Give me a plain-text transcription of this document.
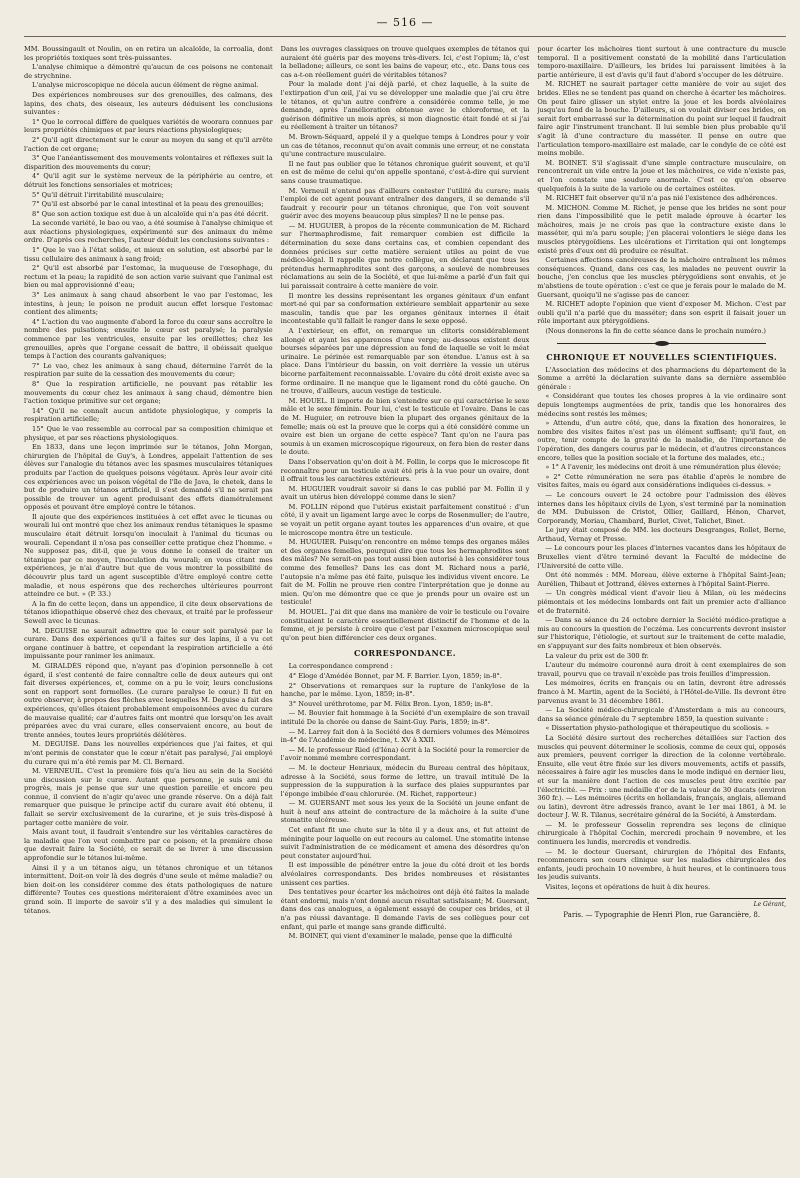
— 516 —

MM. Boussingault et Noulin, on en retira un alcaloïde, la corroalia, dont les propriétés toxiques sont très-puissantes.

L'analyse chimique a démontré qu'aucun de ces poisons ne contenait de strychnine.

L'analyse microscopique ne décela aucun élément de règne animal.

Des expériences nombreuses sur des grenouilles, des caïmans, des lapins, des chats, des oiseaux, les auteurs déduisent les conclusions suivantes :

1° Que le corrocal diffère de quelques variétés de woorara connues par leurs propriétés chimiques et par leurs réactions physiologiques;

2° Qu'il agit directement sur le cœur au moyen du sang et qu'il arrête l'action de cet organe;

3° Que l'anéantissement des mouvements volontaires et réflexes suit la disparition des mouvements du cœur;

4° Qu'il agit sur le système nerveux de la périphérie au centre, et détruit les fonctions sensoriales et motrices;

5° Qu'il détruit l'irritabilité musculaire;

7° Qu'il est absorbé par le canal intestinal et la peau des grenouilles;

8° Que son action toxique est due à un alcaloïde qui n'a pas été décrit.

La seconde variété, le bao ou vao, a été soumise à l'analyse chimique et aux réactions physiologiques, expérimenté sur des animaux du même ordre. D'après ces recherches, l'auteur déduit les conclusions suivantes :

1° Que le vao à l'état solide, et mieux en solution, est absorbé par le tissu cellulaire des animaux à sang froid;

2° Qu'il est absorbé par l'estomac, la muqueuse de l'œsophage, du rectum et la peau; la rapidité de son action varie suivant que l'animal est bien ou mal approvisionné d'eau;

3° Les animaux à sang chaud absorbent le vao par l'estomac, les intestins, à jeun; le poison ne produit aucun effet lorsque l'estomac contient des aliments;

4° L'action du vao augmente d'abord la force du cœur sans accroître le nombre des pulsations; ensuite le cœur est paralysé; la paralysie commence par les ventricules, ensuite par les oreillettes; chez les grenouilles, après que l'organe cessait de battre, il obéissait quelque temps à l'action des courants galvaniques;

7° Le vao, chez les animaux à sang chaud, détermine l'arrêt de la respiration par suite de la cessation des mouvements du cœur;

8° Que la respiration artificielle, ne pouvant pas rétablir les mouvements du cœur chez les animaux à sang chaud, démontre bien l'action toxique primitive sur cet organe;

14° Qu'il ne connaît aucun antidote physiologique, y compris la respiration artificielle;

15° Que le vao ressemble au corrocal par sa composition chimique et physique, et par ses réactions physiologiques.

En 1833, dans une leçon imprimée sur le tétanos, John Morgan, chirurgien de l'hôpital de Guy's, à Londres, appelait l'attention de ses élèves sur l'analogie du tétanos avec les spasmes musculaires tétaniques produits par l'action de quelques poisons végétaux. Après leur avoir cité ces expériences avec un poison végétal de l'île de Java, le chetek, dans le but de produire un tétanos artificiel, il s'est demandé s'il ne serait pas possible de trouver un agent produisant des effets diamétralement opposés et pouvant être employé contre le tétanos.

Il ajoute que des expériences instituées à cet effet avec le ticunas ou wourali lui ont montré que chez les animaux rendus tétaniques le spasme musculaire était détruit lorsqu'on inoculait à l'animal du ticunas ou wourali. Cependant il n'osa pas conseiller cette pratique chez l'homme. « Ne supposez pas, dit-il, que je vous donne le conseil de traiter un tétanique par ce moyen, l'inoculation du wourali; en vous citant mes expériences, je n'ai d'autre but que de vous montrer la possibilité de découvrir plus tard un agent susceptible d'être employé contre cette maladie, et nous espérons que des recherches ultérieures pourront atteindre ce but. » (P. 33.)

A la fin de cette leçon, dans un appendice, il cite deux observations de tétanos idiopathique observé chez des chevaux, et traité par le professeur Sewell avec le ticunas.

M. DEGUISE ne saurait admettre que le cœur soit paralysé par le curare. Dans des expériences qu'il a faites sur des lapins, il a vu cet organe continuer à battre, et cependant la respiration artificielle a été impuissante pour ranimer les animaux.

M. GIRALDÈS répond que, n'ayant pas d'opinion personnelle à cet égard, il s'est contenté de faire connaître celle de deux auteurs qui ont fait diverses expériences, et, comme on a pu le voir, leurs conclusions sont en rapport sont formelles. (Le curare paralyse le cœur.) Il fut en outre observer, à propos des flèches avec lesquelles M. Deguise a fait des expériences, qu'elles étaient probablement empoisonnées avec du curare de mauvaise qualité; car d'autres faits ont montré que lorsqu'on les avait préparées avec du vrai curare, elles conservaient encore, au bout de trente années, toutes leurs propriétés délétères.

M. DEGUISE. Dans les nouvelles expériences que j'ai faites, et qui m'ont permis de constater que le cœur n'était pas paralysé, j'ai employé du curare qui m'a été remis par M. Cl. Bernard.

M. VERNEUIL. C'est la première fois qu'a lieu au sein de la Société une discussion sur le curare. Autant que personne, je suis ami du progrès, mais je pense que sur une question pareille et encore peu connue, il convient de n'agir qu'avec une grande réserve. On a déjà fait remarquer que puisque le principe actif du curare avait été obtenu, il fallait se servir exclusivement de la curarine, et je suis très-disposé à partager cette manière de voir.

Mais avant tout, il faudrait s'entendre sur les véritables caractères de la maladie que l'on veut combattre par ce poison; et la première chose que devrait faire la Société, ce serait de se livrer à une discussion approfondie sur le tétanos lui-même.

Ainsi il y a un tétanos aigu, un tétanos chronique et un tétanos intermittent. Doit-on voir là des degrés d'une seule et même maladie? ou bien doit-on les considérer comme des états pathologiques de nature différente? Toutes ces questions mériteraient d'être examinées avec un grand soin. Il importe de savoir s'il y a des maladies qui simulent le tétanos.

Dans les ouvrages classiques on trouve quelques exemples de tétanos qui auraient été guéris par des moyens très-divers. Ici, c'est l'opium; là, c'est la belladone; ailleurs, ce sont les bains de vapeur, etc., etc. Dans tous ces cas a-t-on réellement guéri de véritables tétanos?

Pour la malade dont j'ai déjà parlé, et chez laquelle, à la suite de l'extirpation d'un œil, j'ai vu se développer une maladie que j'ai cru être le tétanos, et qu'un autre confrère a considérée comme telle, je me demande, après l'amélioration obtenue avec le chloroforme, et la guérison définitive un mois après, si mon diagnostic était fondé et si j'ai eu réellement à traiter un tétanos?

M. Brown-Séquard, appelé il y a quelque temps à Londres pour y voir un cas de tétanos, reconnut qu'on avait commis une erreur, et ne constata qu'une contracture musculaire.

Il ne faut pas oublier que le tétanos chronique guérit souvent, et qu'il en est de même de celui qu'on appelle spontané, c'est-à-dire qui survient sans cause traumatique.

M. Verneuil n'entend pas d'ailleurs contester l'utilité du curare; mais l'emploi de cet agent pouvant entraîner des dangers, il se demande s'il faudrait y recourir pour un tétanos chronique, que l'on voit souvent guérir avec des moyens beaucoup plus simples? Il ne le pense pas.

— M. HUGUIER, à propos de la récente communication de M. Richard sur l'hermaphrodisme, fait remarquer combien est difficile la détermination du sexe dans certains cas, et combien cependant des données précises sur cette matière seraient utiles au point de vue médico-légal. Il rappelle que notre collègue, en déclarant que tous les prétendus hermaphrodites sont des garçons, a soulevé de nombreuses réclamations au sein de la Société, et que lui-même a parlé d'un fait qui lui paraissait contraire à cette manière de voir.

Il montre les dessins représentant les organes génitaux d'un enfant mort-né qui par sa conformation extérieure semblait appartenir au sexe masculin, tandis que par les organes génitaux internes il était incontestable qu'il fallait le ranger dans le sexe opposé.

A l'extérieur, en effet, on remarque un clitoris considérablement allongé et ayant les apparences d'une verge; au-dessous existent deux bourses séparées par une dépression au fond de laquelle se voit le méat urinaire. Le périnée est remarquable par son étendue. L'anus est à sa place. Dans l'intérieur du bassin, on voit derrière la vessie un utérus bicorne parfaitement reconnaissable. L'ovaire du côté droit existe avec sa forme ordinaire. Il ne manque que le ligament rond du côté gauche. On ne trouve, d'ailleurs, aucun vestige de testicule.

M. HOUEL. Il importe de bien s'entendre sur ce qui caractérise le sexe mâle et le sexe féminin. Pour lui, c'est le testicule et l'ovaire. Dans le cas de M. Huguier, on retrouve bien la plupart des organes génitaux de la femelle; mais où est la preuve que le corps qui a été considéré comme un ovaire est bien un organe de cette espèce? Tant qu'on ne l'aura pas soumis à un examen microscopique rigoureux, on fera bien de rester dans le doute.

Dans l'observation qu'on doit à M. Follin, le corps que le microscope fit reconnaître pour un testicule avait été pris à la vue pour un ovaire, dont il offrait tous les caractères extérieurs.

M. HUGUIER voudrait savoir si dans le cas publié par M. Follin il y avait un utérus bien développé comme dans le sien?

M. FOLLIN répond que l'utérus existait parfaitement constitué : d'un côté, il y avait un ligament large avec le corps de Rosenmuller; de l'autre, se voyait un petit organe ayant toutes les apparences d'un ovaire, et que le microscope montra être un testicule.

M. HUGUIER. Puisqu'on rencontre en même temps des organes mâles et des organes femelles, pourquoi dire que tous les hermaphrodites sont des mâles? Ne serait-on pas tout aussi bien autorisé à les considérer tous comme des femelles? Dans les cas dont M. Richard nous a parlé, l'autopsie n'a même pas été faite, puisque les individus vivent encore. Le fait de M. Follin ne prouve rien contre l'interprétation que je donne au mien. Qu'on me démontre que ce que je prends pour un ovaire est un testicule!

M. HOUEL. J'ai dit que dans ma manière de voir le testicule ou l'ovaire constituaient le caractère essentiellement distinctif de l'homme et de la femme, et je persiste à croire que c'est par l'examen microscopique seul qu'on peut bien différencier ces deux organes.

CORRESPONDANCE.

La correspondance comprend :

4° Eloge d'Amédée Bonnet, par M. F. Barrier. Lyon, 1859; in-8°.

2° Observations et remarques sur la rupture de l'ankylose de la hanche, par le même. Lyon, 1859; in-8°.

3° Nouvel uréthrotome, par M. Félix Bron. Lyon, 1859; in-8°.

— M. Bouvier fait hommage à la Société d'un exemplaire de son travail intitulé De la chorée ou danse de Saint-Guy. Paris, 1859; in-8°.

— M. Larrey fait don à la Société des 8 derniers volumes des Mémoires in-4° de l'Académie de médecine, t. XV à XXII.

— M. le professeur Ried (d'Iéna) écrit à la Société pour la remercier de l'avoir nommé membre correspondant.

— M. le docteur Henriaux, médecin du Bureau central des hôpitaux, adresse à la Société, sous forme de lettre, un travail intitulé De la suppression de la suppuration à la surface des plaies suppurantes par l'éponge imbibée d'eau chlorurée. (M. Richet, rapporteur.)

— M. GUERSANT met sous les yeux de la Société un jeune enfant de huit à neuf ans atteint de contracture de la mâchoire à la suite d'une stomatite ulcéreuse.

Cet enfant fit une chute sur la tête il y a deux ans, et fut atteint de méningite pour laquelle on eut recours au calomel. Une stomatite intense suivit l'administration de ce médicament et amena des désordres qu'on peut constater aujourd'hui.

Il est impossible de pénétrer entre la joue du côté droit et les bords alvéolaires correspondants. Des brides nombreuses et résistantes unissent ces parties.

Des tentatives pour écarter les mâchoires ont déjà été faites la malade étant endormi, mais n'ont donné aucun résultat satisfaisant; M. Guersant, dans des cas analogues, a également essayé de couper ces brides, et il n'a pas réussi davantage. Il demande l'avis de ses collègues pour cet enfant, qui parle et mange sans grande difficulté.

M. BOINET, qui vient d'examiner le malade, pense que la difficulté

pour écarter les mâchoires tient surtout à une contracture du muscle temporal. Il a positivement constaté de la mobilité dans l'articulation temporo-maxillaire. D'ailleurs, les brides lui paraissent limitées à la partie antérieure, il est d'avis qu'il faut d'abord s'occuper de les détruire.

M. RICHET ne saurait partager cette manière de voir au sujet des brides. Elles ne se tendent pas quand on cherche à écarter les mâchoires. On peut faire glisser un stylet entre la joue et les bords alvéolaires jusqu'au fond de la bouche. D'ailleurs, si on voulait diviser ces brides, on serait fort embarrassé sur la détermination du point sur lequel il faudrait faire agir l'instrument tranchant. Il lui semble bien plus probable qu'il s'agit là d'une contracture du masséter. Il pense en outre que l'articulation temporo-maxillaire est malade, car le condyle de ce côté est moins mobile.

M. BOINET. S'il s'agissait d'une simple contracture musculaire, on rencontrerait un vide entre la joue et les mâchoires, ce vide n'existe pas, et l'on constate une soudure anormale. C'est ce qu'on observe quelquefois à la suite de la variole ou de certaines ostéites.

M. RICHET fait observer qu'il n'a pas nié l'existence des adhérences.

M. MICHON. Comme M. Richet, je pense que les brides ne sont pour rien dans l'impossibilité que le petit malade éprouve à écarter les mâchoires, mais je ne crois pas que la contracture existe dans le masséter, qui m'a paru souple; j'en placerai volontiers le siége dans les muscles ptérygoïdiens. Les ulcérations et l'irritation qui ont longtemps existé près d'eux ont dû produire ce résultat.

Certaines affections cancéreuses de la mâchoire entraînent les mêmes conséquences. Quand, dans ces cas, les malades ne peuvent ouvrir la bouche, j'en conclus que les muscles ptérygoïdiens sont envahis, et je m'abstiens de toute opération : c'est ce que je ferais pour le malade de M. Guersant, quoiqu'il ne s'agisse pas de cancer.

M. RICHET adopte l'opinion que vient d'exposer M. Michon. C'est par oubli qu'il n'a parlé que du masséter; dans son esprit il faisait jouer un rôle important aux ptérygoïdiens.

(Nous donnerons la fin de cette séance dans le prochain numéro.)

CHRONIQUE ET NOUVELLES SCIENTIFIQUES.

L'Association des médecins et des pharmaciens du département de la Somme a arrêté la déclaration suivante dans sa dernière assemblée générale :

« Considérant que toutes les choses propres à la vie ordinaire sont depuis longtemps augmentées de prix, tandis que les honoraires des médecins sont restés les mêmes;

» Attendu, d'un autre côté, que, dans la fixation des honoraires, le nombre des visites faites n'est pas un élément suffisant; qu'il faut, en outre, tenir compte de la gravité de la maladie, de l'importance de l'opération, des dangers courus par le médecin, et d'autres circonstances encore, telles que la position sociale et la fortune des malades, etc.;

» 1° A l'avenir, les médecins ont droit à une rémunération plus élevée;

» 2° Cette rémunération ne sera pas établie d'après le nombre de visites faites, mais eu égard aux considérations indiquées ci-dessus. »

— Le concours ouvert le 24 octobre pour l'admission des élèves internes dans les hôpitaux civils de Lyon, s'est terminé par la nomination de MM. Dubuisson de Cristot, Ollier, Gaillard, Hénon, Charvet, Corporandy, Moriau, Chambard, Burlet, Civet, Talichet, Binet.

Le jury était composé de MM. les docteurs Desgranges, Rollet, Berne, Arthaud, Vernay et Presse.

— Le concours pour les places d'internes vacantes dans les hôpitaux de Bruxelles vient d'être terminé devant la Faculté de médecine de l'Université de cette ville.

Ont été nommés : MM. Moreau, élève externe à l'hôpital Saint-Jean; Aurélien, Thibaut et Jottrand, élèves externes à l'hôpital Saint-Pierre.

— Un congrès médical vient d'avoir lieu à Milan, où les médecins piémontais et les médecins lombards ont fait un premier acte d'alliance et de fraternité.

— Dans sa séance du 24 octobre dernier la Société médico-pratique a mis au concours la question de l'eczéma. Les concurrents devront insister sur l'historique, l'étiologie, et surtout sur le traitement de cette maladie, en s'appuyant sur des faits nombreux et bien observés.

La valeur du prix est de 300 fr.

L'auteur du mémoire couronné aura droit à cent exemplaires de son travail, pourvu que ce travail n'excède pas trois feuilles d'impression.

Les mémoires, écrits en français ou en latin, devront être adressés franco à M. Martin, agent de la Société, à l'Hôtel-de-Ville. Ils devront être parvenus avant le 31 décembre 1861.

— La Société médico-chirurgicale d'Amsterdam a mis au concours, dans sa séance générale du 7 septembre 1859, la question suivante :

« Dissertation physio-pathologique et thérapeutique du scoliosis. »

La Société désire surtout des recherches détaillées sur l'action des muscles qui peuvent déterminer le scoliosis, comme de ceux qui, opposés aux premiers, peuvent corriger la direction de la colonne vertébrale. Ensuite, elle veut être fixée sur les divers mouvements, actifs et passifs, nécessaires à faire agir les muscles dans le mode indiqué en dernier lieu, et sur la manière dont l'action de ces muscles peut être excitée par l'électricité. — Prix : une médaille d'or de la valeur de 30 ducats (environ 360 fr.). — Les mémoires (écrits en hollandais, français, anglais, allemand ou latin), devront être adressés franco, avant le 1er mai 1861, à M. le docteur J. W. R. Tilanus, secrétaire général de la Société, à Amsterdam.

— M. le professeur Gosselin reprendra ses leçons de clinique chirurgicale à l'hôpital Cochin, mercredi prochain 9 novembre, et les continuera les lundis, mercredis et vendredis.

— M. le docteur Guersant, chirurgien de l'hôpital des Enfants, recommencera son cours clinique sur les maladies chirurgicales des enfants, jeudi prochain 10 novembre, à huit heures, et le continuera tous les jeudis suivants.

Visites, leçons et opérations de huit à dix heures.

Le Gérant,
Paris. — Typographie de Henri Plon, rue Garancière, 8.
